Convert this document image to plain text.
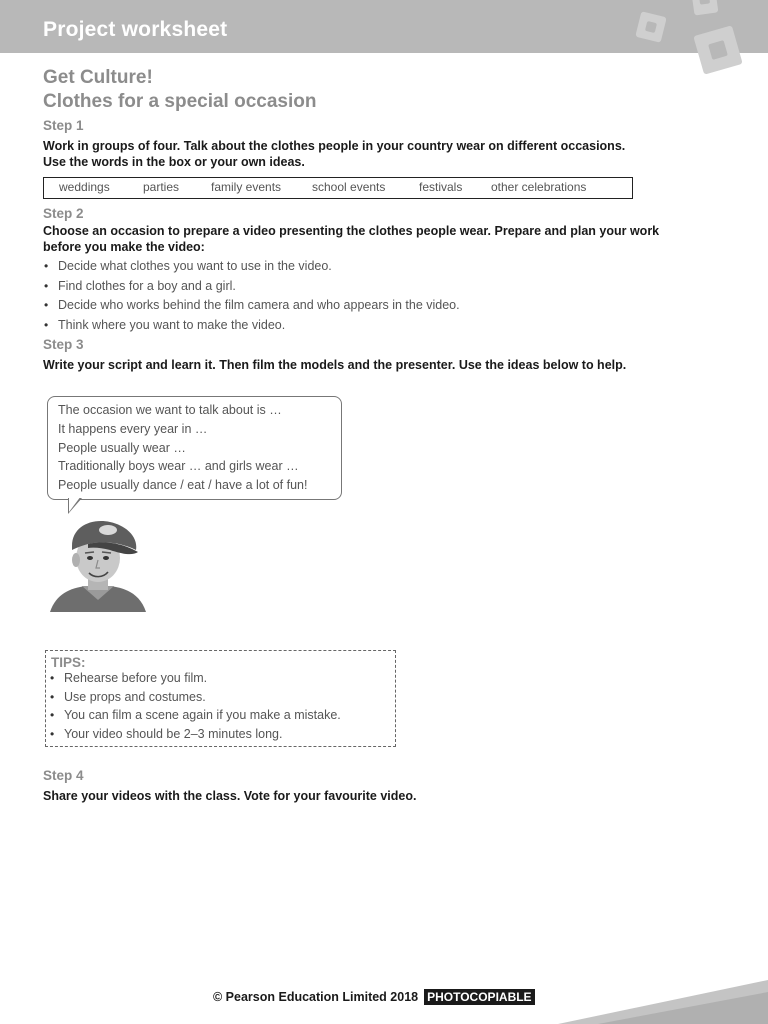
Project worksheet
Get Culture!
Clothes for a special occasion
Step 1
Work in groups of four. Talk about the clothes people in your country wear on different occasions.
Use the words in the box or your own ideas.
weddings	parties	family events	school events	festivals other celebrations
Step 2
Choose an occasion to prepare a video presenting the clothes people wear. Prepare and plan your work
before you make the video:
• Decide what clothes you want to use in the video.
• Find clothes for a boy and a girl.
• Decide who works behind the film camera and who appears in the video.
• Think where you want to make the video.
Step 3
Write your script and learn it. Then film the models and the presenter. Use the ideas below to help.
The occasion we want to talk about is …
It happens every year in …
People usually wear …
Traditionally boys wear … and girls wear …
People usually dance / eat / have a lot of fun!
TIPS:
• Rehearse before you film.
• Use props and costumes.
• You can film a scene again if you make a mistake.
• Your video should be 2–3 minutes long.
Step 4
Share your videos with the class. Vote for your favourite video.
© Pearson Education Limited 2018 PHOTOCOPIABLE
